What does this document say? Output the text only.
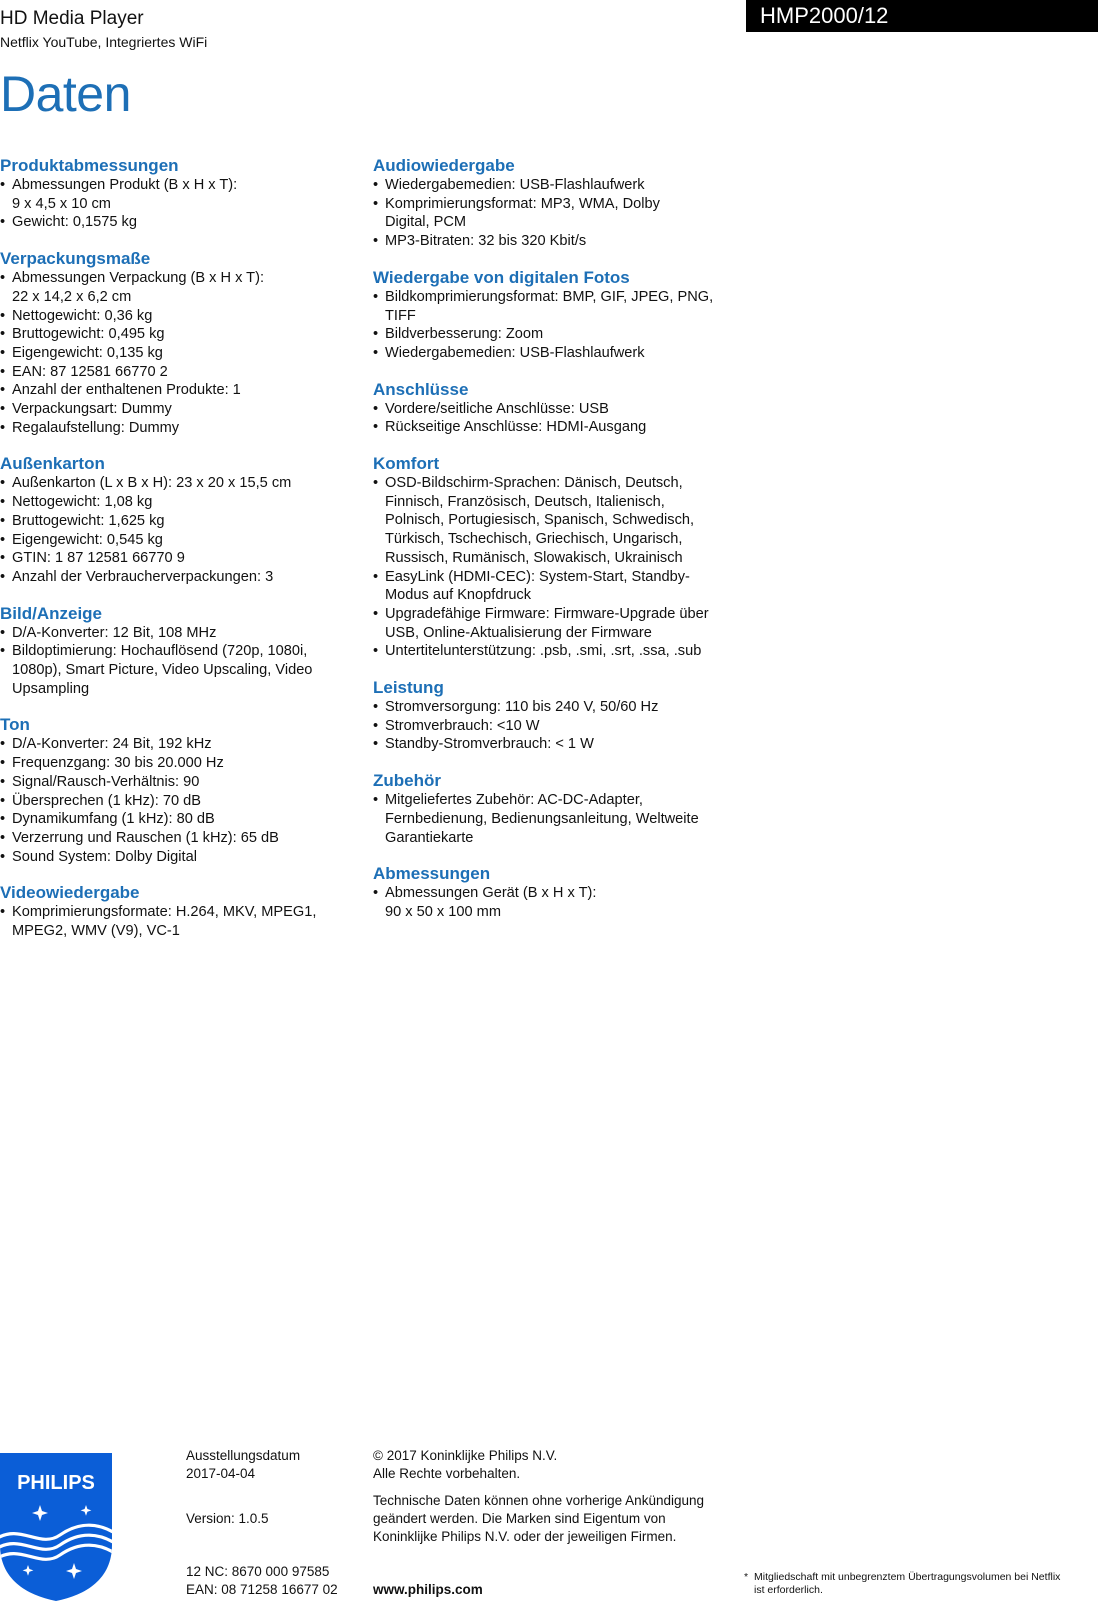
HD Media Player
Netflix YouTube, Integriertes WiFi
HMP2000/12
Daten
Produktabmessungen
• Abmessungen Produkt (B x H x T):
9 x 4,5 x 10 cm
• Gewicht: 0,1575 kg
Verpackungsmaße
• Abmessungen Verpackung (B x H x T):
22 x 14,2 x 6,2 cm
• Nettogewicht: 0,36 kg
• Bruttogewicht: 0,495 kg
• Eigengewicht: 0,135 kg
• EAN: 87 12581 66770 2
• Anzahl der enthaltenen Produkte: 1
• Verpackungsart: Dummy
• Regalaufstellung: Dummy
Außenkarton
• Außenkarton (L x B x H): 23 x 20 x 15,5 cm
• Nettogewicht: 1,08 kg
• Bruttogewicht: 1,625 kg
• Eigengewicht: 0,545 kg
• GTIN: 1 87 12581 66770 9
• Anzahl der Verbraucherverpackungen: 3
Bild/Anzeige
• D/A-Konverter: 12 Bit, 108 MHz
• Bildoptimierung: Hochauflösend (720p, 1080i,
1080p), Smart Picture, Video Upscaling, Video
Upsampling
Ton
• D/A-Konverter: 24 Bit, 192 kHz
• Frequenzgang: 30 bis 20.000 Hz
• Signal/Rausch-Verhältnis: 90
• Übersprechen (1 kHz): 70 dB
• Dynamikumfang (1 kHz): 80 dB
• Verzerrung und Rauschen (1 kHz): 65 dB
• Sound System: Dolby Digital
Videowiedergabe
• Komprimierungsformate: H.264, MKV, MPEG1,
MPEG2, WMV (V9), VC-1
Audiowiedergabe
• Wiedergabemedien: USB-Flashlaufwerk
• Komprimierungsformat: MP3, WMA, Dolby
Digital, PCM
• MP3-Bitraten: 32 bis 320 Kbit/s
Wiedergabe von digitalen Fotos
• Bildkomprimierungsformat: BMP, GIF, JPEG, PNG,
TIFF
• Bildverbesserung: Zoom
• Wiedergabemedien: USB-Flashlaufwerk
Anschlüsse
• Vordere/seitliche Anschlüsse: USB
• Rückseitige Anschlüsse: HDMI-Ausgang
Komfort
• OSD-Bildschirm-Sprachen: Dänisch, Deutsch,
Finnisch, Französisch, Deutsch, Italienisch,
Polnisch, Portugiesisch, Spanisch, Schwedisch,
Türkisch, Tschechisch, Griechisch, Ungarisch,
Russisch, Rumänisch, Slowakisch, Ukrainisch
• EasyLink (HDMI-CEC): System-Start, Standby-
Modus auf Knopfdruck
• Upgradefähige Firmware: Firmware-Upgrade über
USB, Online-Aktualisierung der Firmware
• Untertitelunterstützung: .psb, .smi, .srt, .ssa, .sub
Leistung
• Stromversorgung: 110 bis 240 V, 50/60 Hz
• Stromverbrauch: <10 W
• Standby-Stromverbrauch: < 1 W
Zubehör
• Mitgeliefertes Zubehör: AC-DC-Adapter,
Fernbedienung, Bedienungsanleitung, Weltweite
Garantiekarte
Abmessungen
• Abmessungen Gerät (B x H x T):
90 x 50 x 100 mm
PHILIPS
Ausstellungsdatum
2017-04-04
Version: 1.0.5
12 NC: 8670 000 97585
EAN: 08 71258 16677 02
© 2017 Koninklijke Philips N.V.
Alle Rechte vorbehalten.
Technische Daten können ohne vorherige Ankündigung
geändert werden. Die Marken sind Eigentum von
Koninklijke Philips N.V. oder der jeweiligen Firmen.
www.philips.com
* Mitgliedschaft mit unbegrenztem Übertragungsvolumen bei Netflix
ist erforderlich.
